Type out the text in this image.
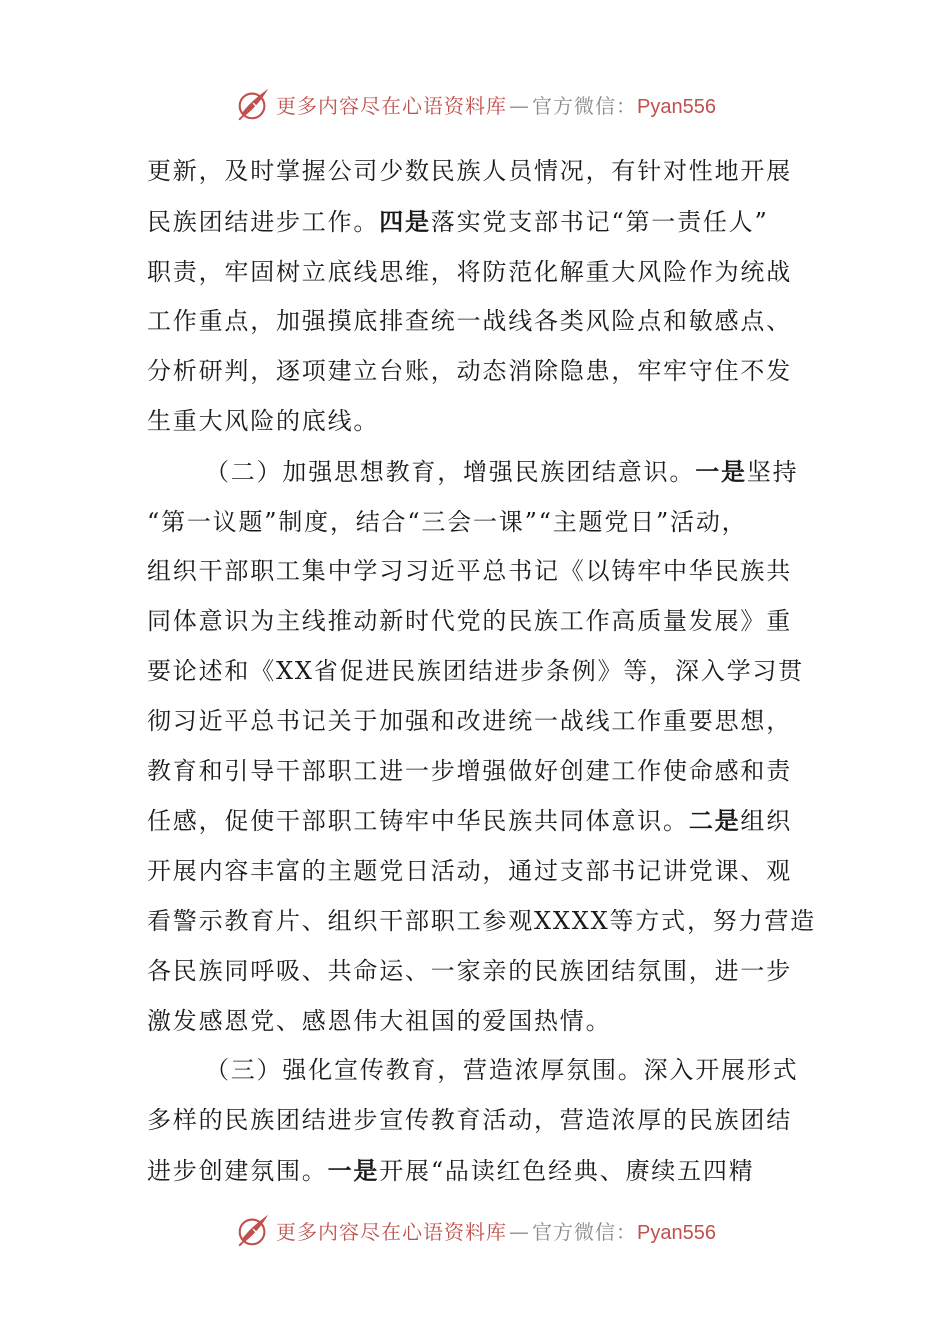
更多内容尽在心语资料库 — 官方微信： Pyan556

更新，及时掌握公司少数民族人员情况，有针对性地开展
民族团结进步工作。四是落实党支部书记“第一责任人”
职责，牢固树立底线思维，将防范化解重大风险作为统战
工作重点，加强摸底排查统一战线各类风险点和敏感点、
分析研判，逐项建立台账，动态消除隐患，牢牢守住不发
生重大风险的底线。

（二）加强思想教育，增强民族团结意识。一是坚持
“第一议题”制度，结合“三会一课”“主题党日”活动，
组织干部职工集中学习习近平总书记《以铸牢中华民族共
同体意识为主线推动新时代党的民族工作高质量发展》重
要论述和《XX省促进民族团结进步条例》等，深入学习贯
彻习近平总书记关于加强和改进统一战线工作重要思想，
教育和引导干部职工进一步增强做好创建工作使命感和责
任感，促使干部职工铸牢中华民族共同体意识。二是组织
开展内容丰富的主题党日活动，通过支部书记讲党课、观
看警示教育片、组织干部职工参观XXXX等方式，努力营造
各民族同呼吸、共命运、一家亲的民族团结氛围，进一步
激发感恩党、感恩伟大祖国的爱国热情。

（三）强化宣传教育，营造浓厚氛围。深入开展形式
多样的民族团结进步宣传教育活动，营造浓厚的民族团结
进步创建氛围。一是开展“品读红色经典、赓续五四精

更多内容尽在心语资料库 — 官方微信： Pyan556
